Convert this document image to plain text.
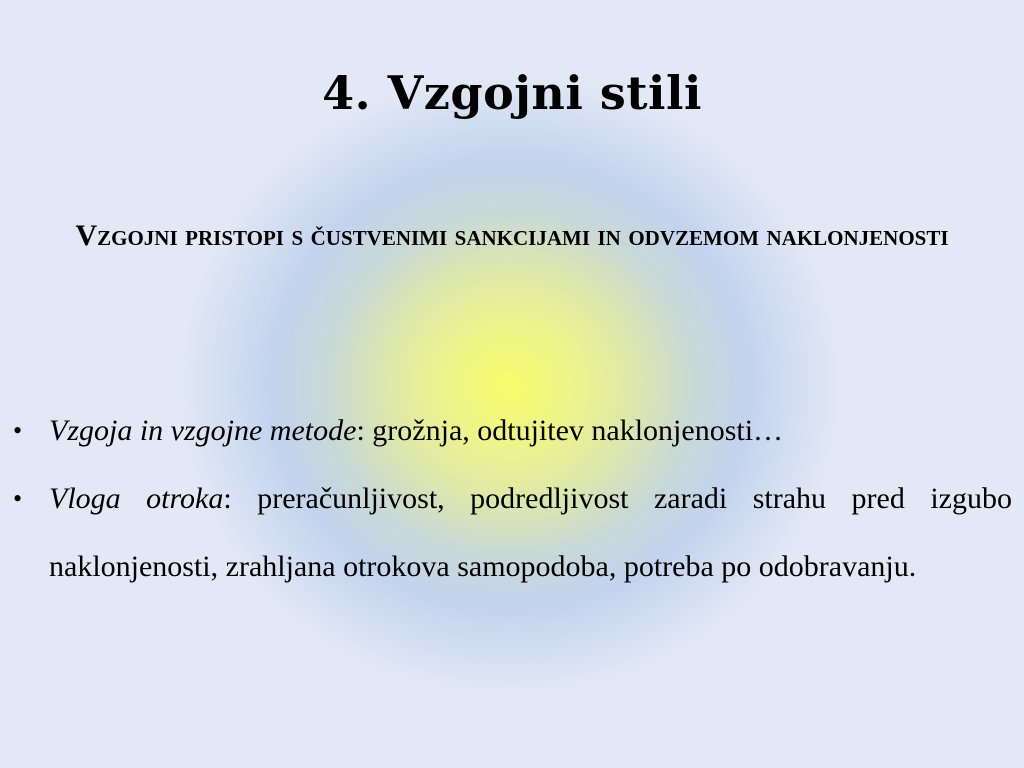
4. Vzgojni stili

Vzgojni pristopi s čustvenimi sankcijami in odvzemom naklonjenosti

• Vzgoja in vzgojne metode: grožnja, odtujitev naklonjenosti…
• Vloga otroka: preračunljivost, podredljivost zaradi strahu pred izgubo naklonjenosti, zrahljana otrokova samopodoba, potreba po odobravanju.
